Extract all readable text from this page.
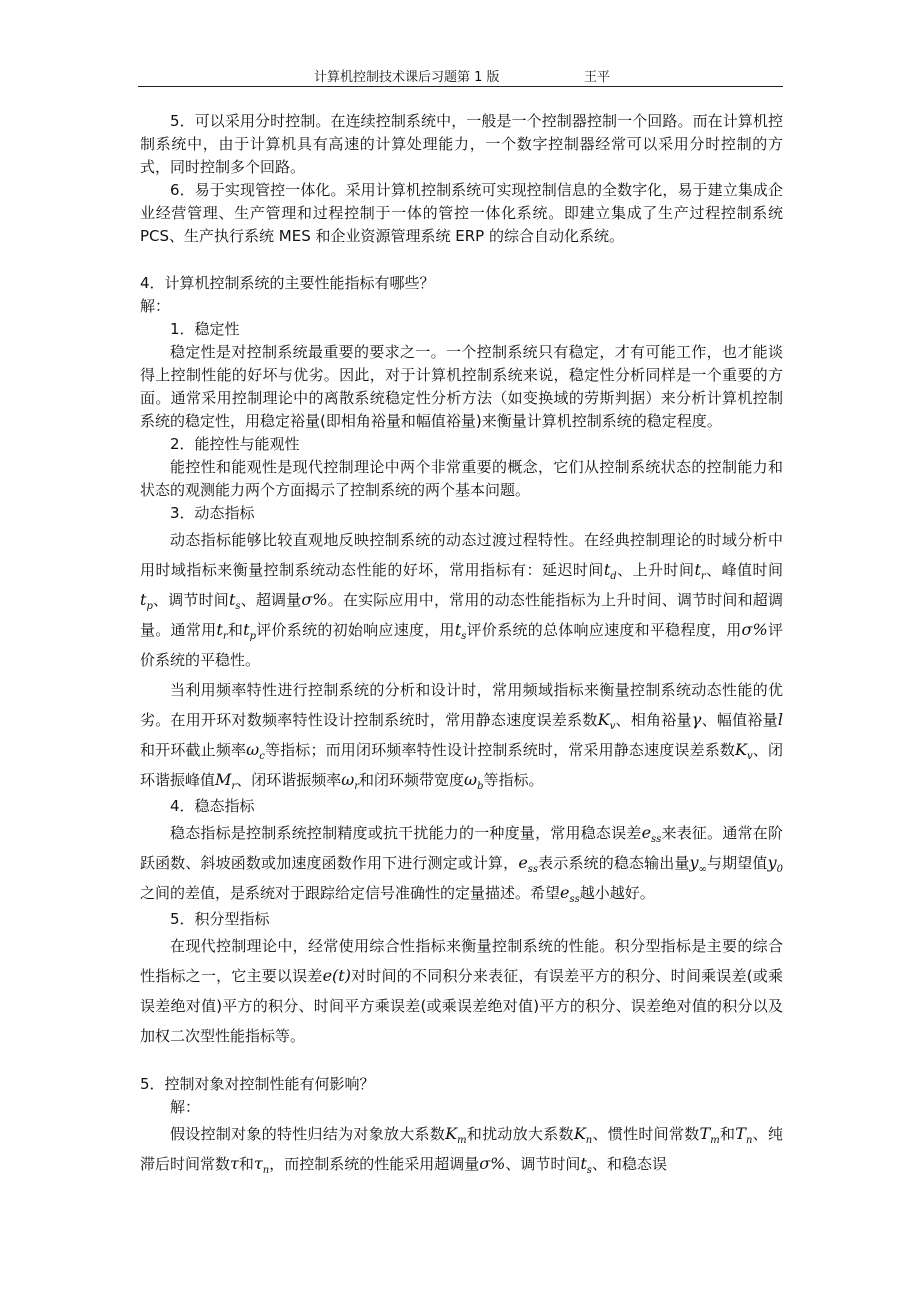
计算机控制技术课后习题第 1 版	王平

5．可以采用分时控制。在连续控制系统中，一般是一个控制器控制一个回路。而在计算机控制系统中，由于计算机具有高速的计算处理能力，一个数字控制器经常可以采用分时控制的方式，同时控制多个回路。

6．易于实现管控一体化。采用计算机控制系统可实现控制信息的全数字化，易于建立集成企业经营管理、生产管理和过程控制于一体的管控一体化系统。即建立集成了生产过程控制系统 PCS、生产执行系统 MES 和企业资源管理系统 ERP 的综合自动化系统。

4．计算机控制系统的主要性能指标有哪些？

解：

1．稳定性

稳定性是对控制系统最重要的要求之一。一个控制系统只有稳定，才有可能工作，也才能谈得上控制性能的好坏与优劣。因此，对于计算机控制系统来说，稳定性分析同样是一个重要的方面。通常采用控制理论中的离散系统稳定性分析方法（如变换域的劳斯判据）来分析计算机控制系统的稳定性，用稳定裕量(即相角裕量和幅值裕量)来衡量计算机控制系统的稳定程度。

2．能控性与能观性

能控性和能观性是现代控制理论中两个非常重要的概念，它们从控制系统状态的控制能力和状态的观测能力两个方面揭示了控制系统的两个基本问题。

3．动态指标

动态指标能够比较直观地反映控制系统的动态过渡过程特性。在经典控制理论的时域分析中用时域指标来衡量控制系统动态性能的好坏，常用指标有：延迟时间$t_d$、上升时间$t_r$、峰值时间$t_p$、调节时间$t_s$、超调量σ%。在实际应用中，常用的动态性能指标为上升时间、调节时间和超调量。通常用$t_r$和$t_p$评价系统的初始响应速度，用$t_s$评价系统的总体响应速度和平稳程度，用σ%评价系统的平稳性。

当利用频率特性进行控制系统的分析和设计时，常用频域指标来衡量控制系统动态性能的优劣。在用开环对数频率特性设计控制系统时，常用静态速度误差系数$K_v$、相角裕量γ、幅值裕量l和开环截止频率$\omega_c$等指标；而用闭环频率特性设计控制系统时，常采用静态速度误差系数$K_v$、闭环谐振峰值$M_r$、闭环谐振频率$\omega_r$和闭环频带宽度$\omega_b$等指标。

4．稳态指标

稳态指标是控制系统控制精度或抗干扰能力的一种度量，常用稳态误差$e_{ss}$来表征。通常在阶跃函数、斜坡函数或加速度函数作用下进行测定或计算，$e_{ss}$表示系统的稳态输出量$y_\infty$与期望值$y_0$之间的差值，是系统对于跟踪给定信号准确性的定量描述。希望$e_{ss}$越小越好。

5．积分型指标

在现代控制理论中，经常使用综合性指标来衡量控制系统的性能。积分型指标是主要的综合性指标之一，它主要以误差e(t)对时间的不同积分来表征，有误差平方的积分、时间乘误差(或乘误差绝对值)平方的积分、时间平方乘误差(或乘误差绝对值)平方的积分、误差绝对值的积分以及加权二次型性能指标等。

5．控制对象对控制性能有何影响？

解：

假设控制对象的特性归结为对象放大系数$K_m$和扰动放大系数$K_n$、惯性时间常数$T_m$和$T_n$、纯滞后时间常数τ和$\tau_n$，而控制系统的性能采用超调量σ%、调节时间$t_s$、和稳态误
